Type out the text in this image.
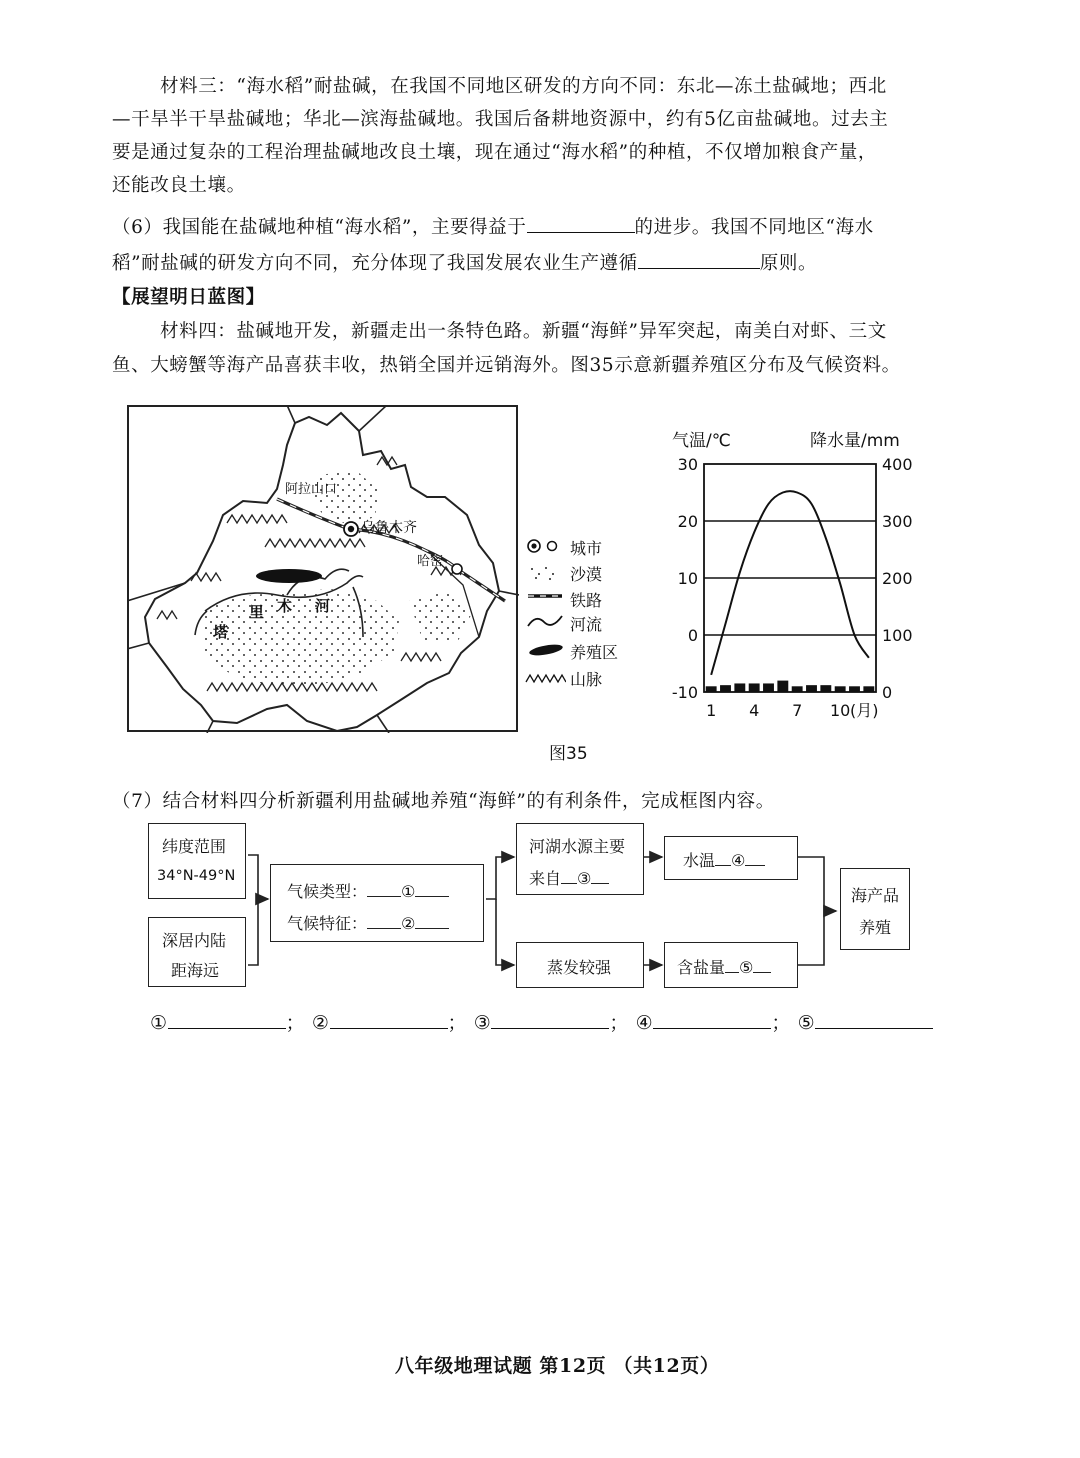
材料三：“海水稻”耐盐碱，在我国不同地区研发的方向不同：东北—冻土盐碱地；西北
—干旱半干旱盐碱地；华北—滨海盐碱地。我国后备耕地资源中，约有5亿亩盐碱地。过去主
要是通过复杂的工程治理盐碱地改良土壤，现在通过“海水稻”的种植，不仅增加粮食产量，
还能改良土壤。
（6）我国能在盐碱地种植“海水稻”，主要得益于	的进步。我国不同地区“海水
稻”耐盐碱的研发方向不同，充分体现了我国发展农业生产遵循	原则。
【展望明日蓝图】
材料四：盐碱地开发，新疆走出一条特色路。新疆“海鲜”异军突起，南美白对虾、三文
鱼、大螃蟹等海产品喜获丰收，热销全国并远销海外。图35示意新疆养殖区分布及气候资料。
阿拉山口
乌鲁木齐
哈密
塔
里 木 河
城市
沙漠
铁路
河流
养殖区
山脉
气温/℃	降水量/mm
30
20
10
0
-10
400
300
200
100
0
1 4 7 10 (月)
图35
（7）结合材料四分析新疆利用盐碱地养殖“海鲜”的有利条件，完成框图内容。
纬度范围
34°N-49°N
深居内陆
距海远
气候类型： ①
气候特征： ②
河湖水源主要
来自 ③
蒸发较强
水温 ④
含盐量 ⑤
海产品
养殖
①	； ②	； ③	； ④	； ⑤
八年级地理试题 第12页 （共12页）
